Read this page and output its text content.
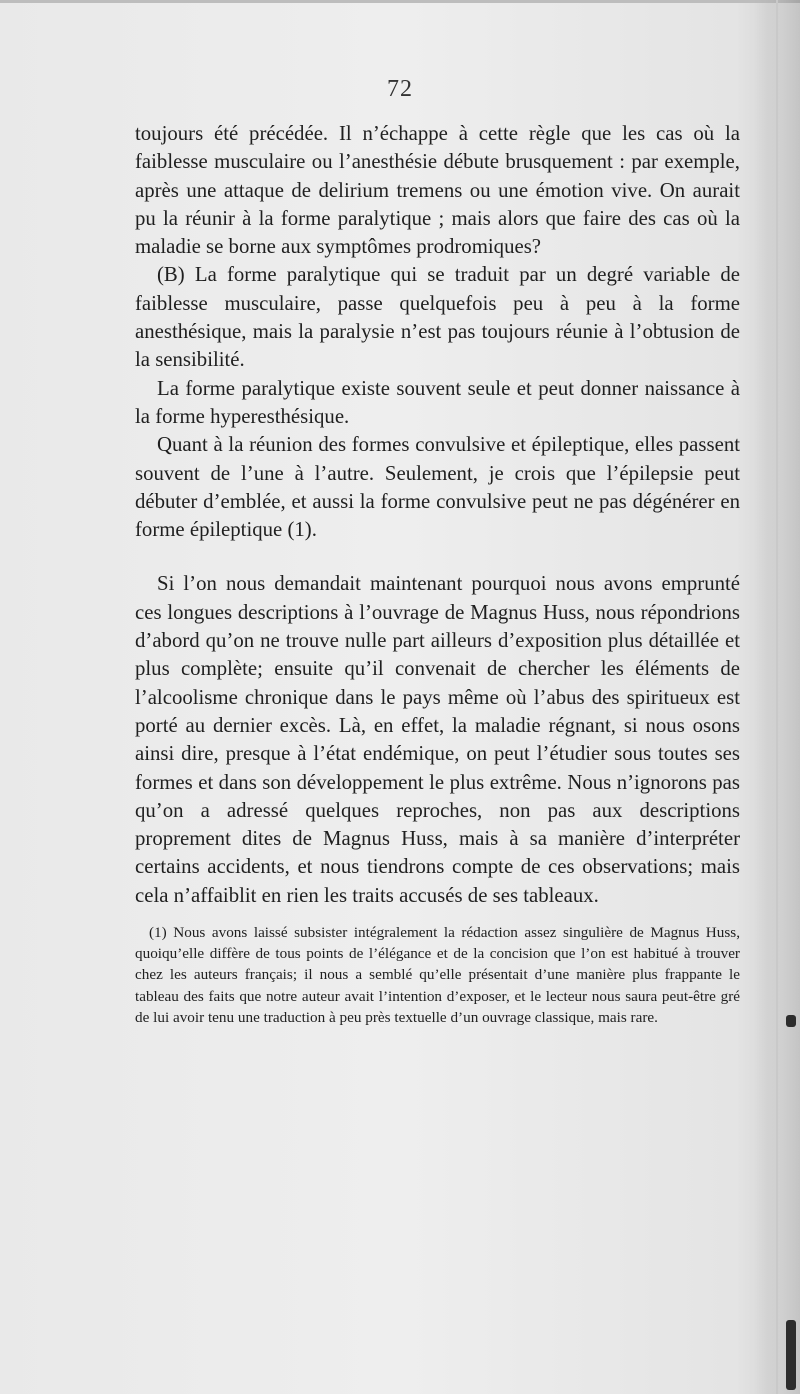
72

toujours été précédée. Il n’échappe à cette règle que les cas où la faiblesse musculaire ou l’anesthésie débute brusquement : par exemple, après une attaque de delirium tremens ou une émotion vive. On aurait pu la réunir à la forme paralytique ; mais alors que faire des cas où la maladie se borne aux symptômes prodromiques?

(B) La forme paralytique qui se traduit par un degré variable de faiblesse musculaire, passe quelquefois peu à peu à la forme anesthésique, mais la paralysie n’est pas toujours réunie à l’obtusion de la sensibilité.

La forme paralytique existe souvent seule et peut donner naissance à la forme hyperesthésique.

Quant à la réunion des formes convulsive et épileptique, elles passent souvent de l’une à l’autre. Seulement, je crois que l’épilepsie peut débuter d’emblée, et aussi la forme convulsive peut ne pas dégénérer en forme épileptique (1).

Si l’on nous demandait maintenant pourquoi nous avons emprunté ces longues descriptions à l’ouvrage de Magnus Huss, nous répondrions d’abord qu’on ne trouve nulle part ailleurs d’exposition plus détaillée et plus complète; ensuite qu’il convenait de chercher les éléments de l’alcoolisme chronique dans le pays même où l’abus des spiritueux est porté au dernier excès. Là, en effet, la maladie régnant, si nous osons ainsi dire, presque à l’état endémique, on peut l’étudier sous toutes ses formes et dans son développement le plus extrême. Nous n’ignorons pas qu’on a adressé quelques reproches, non pas aux descriptions proprement dites de Magnus Huss, mais à sa manière d’interpréter certains accidents, et nous tiendrons compte de ces observations; mais cela n’affaiblit en rien les traits accusés de ses tableaux.

(1) Nous avons laissé subsister intégralement la rédaction assez singulière de Magnus Huss, quoiqu’elle diffère de tous points de l’élégance et de la concision que l’on est habitué à trouver chez les auteurs français; il nous a semblé qu’elle présentait d’une manière plus frappante le tableau des faits que notre auteur avait l’intention d’exposer, et le lecteur nous saura peut-être gré de lui avoir tenu une traduction à peu près textuelle d’un ouvrage classique, mais rare.
